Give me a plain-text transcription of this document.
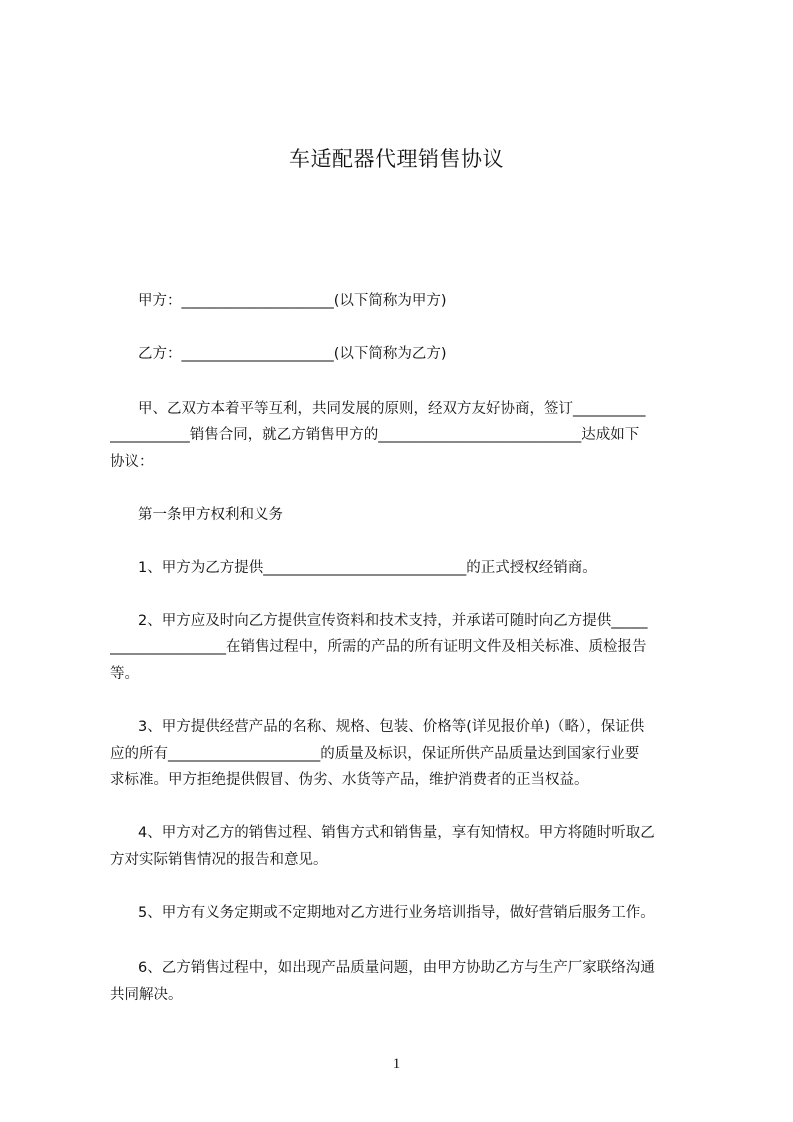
车适配器代理销售协议
甲方：_____________________(以下简称为甲方)
乙方：_____________________(以下简称为乙方)
甲、乙双方本着平等互利，共同发展的原则，经双方友好协商，签订__________
___________销售合同，就乙方销售甲方的____________________________达成如下
协议：
第一条甲方权利和义务
1、甲方为乙方提供____________________________的正式授权经销商。
2、甲方应及时向乙方提供宣传资料和技术支持，并承诺可随时向乙方提供_____
________________在销售过程中，所需的产品的所有证明文件及相关标准、质检报告
等。
3、甲方提供经营产品的名称、规格、包装、价格等(详见报价单)（略），保证供
应的所有_____________________的质量及标识，保证所供产品质量达到国家行业要
求标准。甲方拒绝提供假冒、伪劣、水货等产品，维护消费者的正当权益。
4、甲方对乙方的销售过程、销售方式和销售量，享有知情权。甲方将随时听取乙
方对实际销售情况的报告和意见。
5、甲方有义务定期或不定期地对乙方进行业务培训指导，做好营销后服务工作。
6、乙方销售过程中，如出现产品质量问题，由甲方协助乙方与生产厂家联络沟通
共同解决。
1
